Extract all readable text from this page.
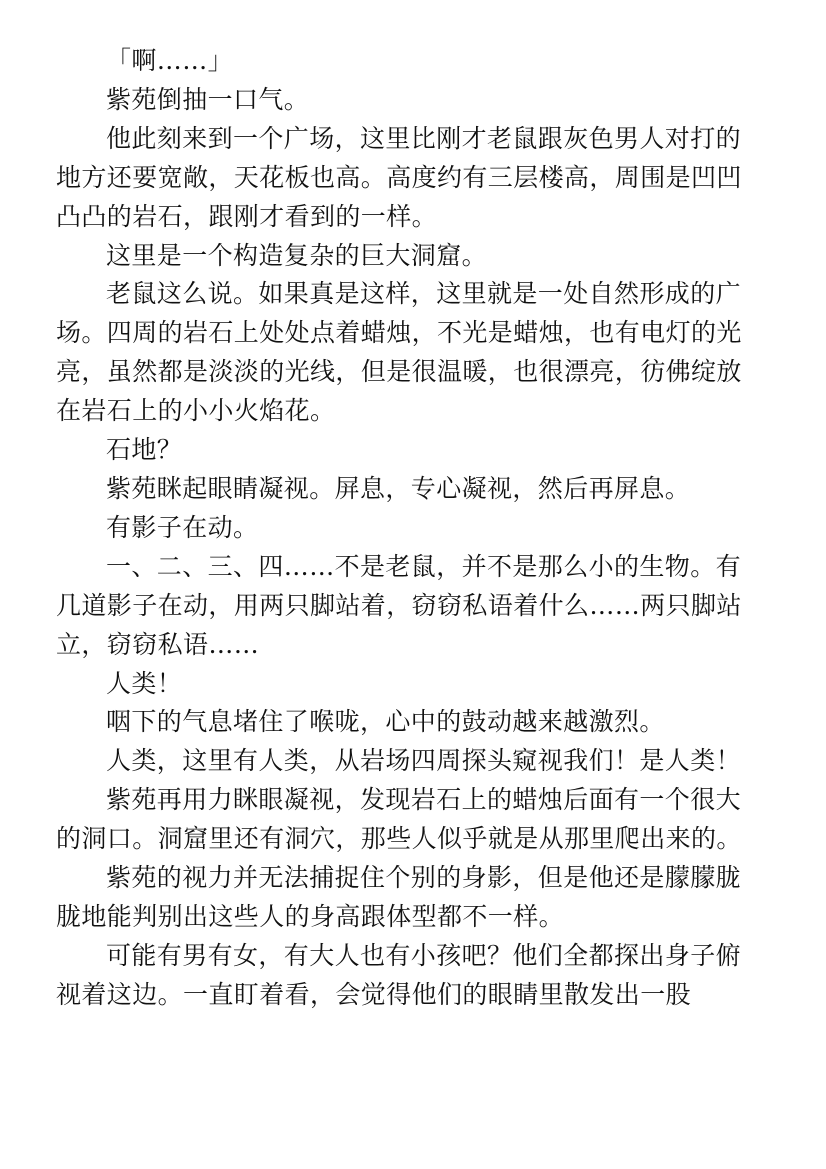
「啊……」

紫苑倒抽一口气。

他此刻来到一个广场，这里比刚才老鼠跟灰色男人对打的地方还要宽敞，天花板也高。高度约有三层楼高，周围是凹凹凸凸的岩石，跟刚才看到的一样。

这里是一个构造复杂的巨大洞窟。

老鼠这么说。如果真是这样，这里就是一处自然形成的广场。四周的岩石上处处点着蜡烛，不光是蜡烛，也有电灯的光亮，虽然都是淡淡的光线，但是很温暖，也很漂亮，彷佛绽放在岩石上的小小火焰花。

石地？

紫苑眯起眼睛凝视。屏息，专心凝视，然后再屏息。

有影子在动。

一、二、三、四……不是老鼠，并不是那么小的生物。有几道影子在动，用两只脚站着，窃窃私语着什么……两只脚站立，窃窃私语……

人类！

咽下的气息堵住了喉咙，心中的鼓动越来越激烈。

人类，这里有人类，从岩场四周探头窥视我们！是人类！

紫苑再用力眯眼凝视，发现岩石上的蜡烛后面有一个很大的洞口。洞窟里还有洞穴，那些人似乎就是从那里爬出来的。

紫苑的视力并无法捕捉住个别的身影，但是他还是朦朦胧胧地能判别出这些人的身高跟体型都不一样。

可能有男有女，有大人也有小孩吧？他们全都探出身子俯视着这边。一直盯着看，会觉得他们的眼睛里散发出一股
